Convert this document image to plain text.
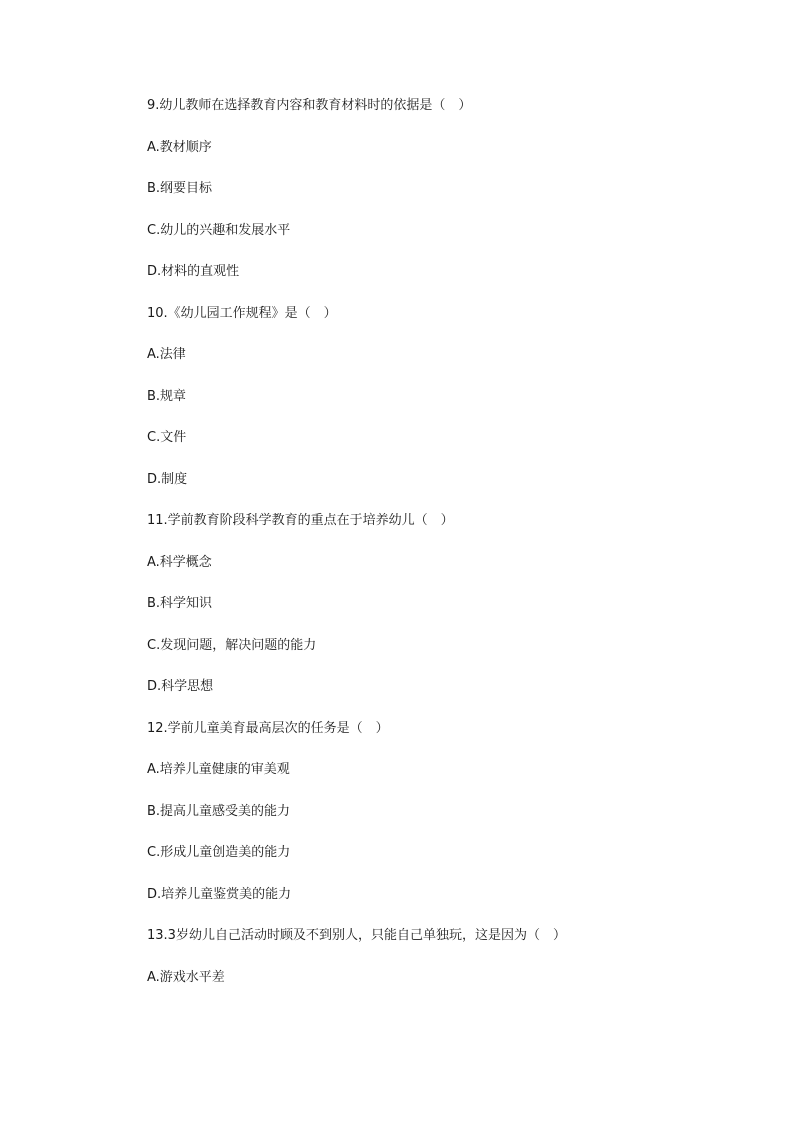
9.幼儿教师在选择教育内容和教育材料时的依据是（　）
A.教材顺序
B.纲要目标
C.幼儿的兴趣和发展水平
D.材料的直观性
10.《幼儿园工作规程》是（　）
A.法律
B.规章
C.文件
D.制度
11.学前教育阶段科学教育的重点在于培养幼儿（　）
A.科学概念
B.科学知识
C.发现问题，解决问题的能力
D.科学思想
12.学前儿童美育最高层次的任务是（　）
A.培养儿童健康的审美观
B.提高儿童感受美的能力
C.形成儿童创造美的能力
D.培养儿童鉴赏美的能力
13.3岁幼儿自己活动时顾及不到别人，只能自己单独玩，这是因为（　）
A.游戏水平差
